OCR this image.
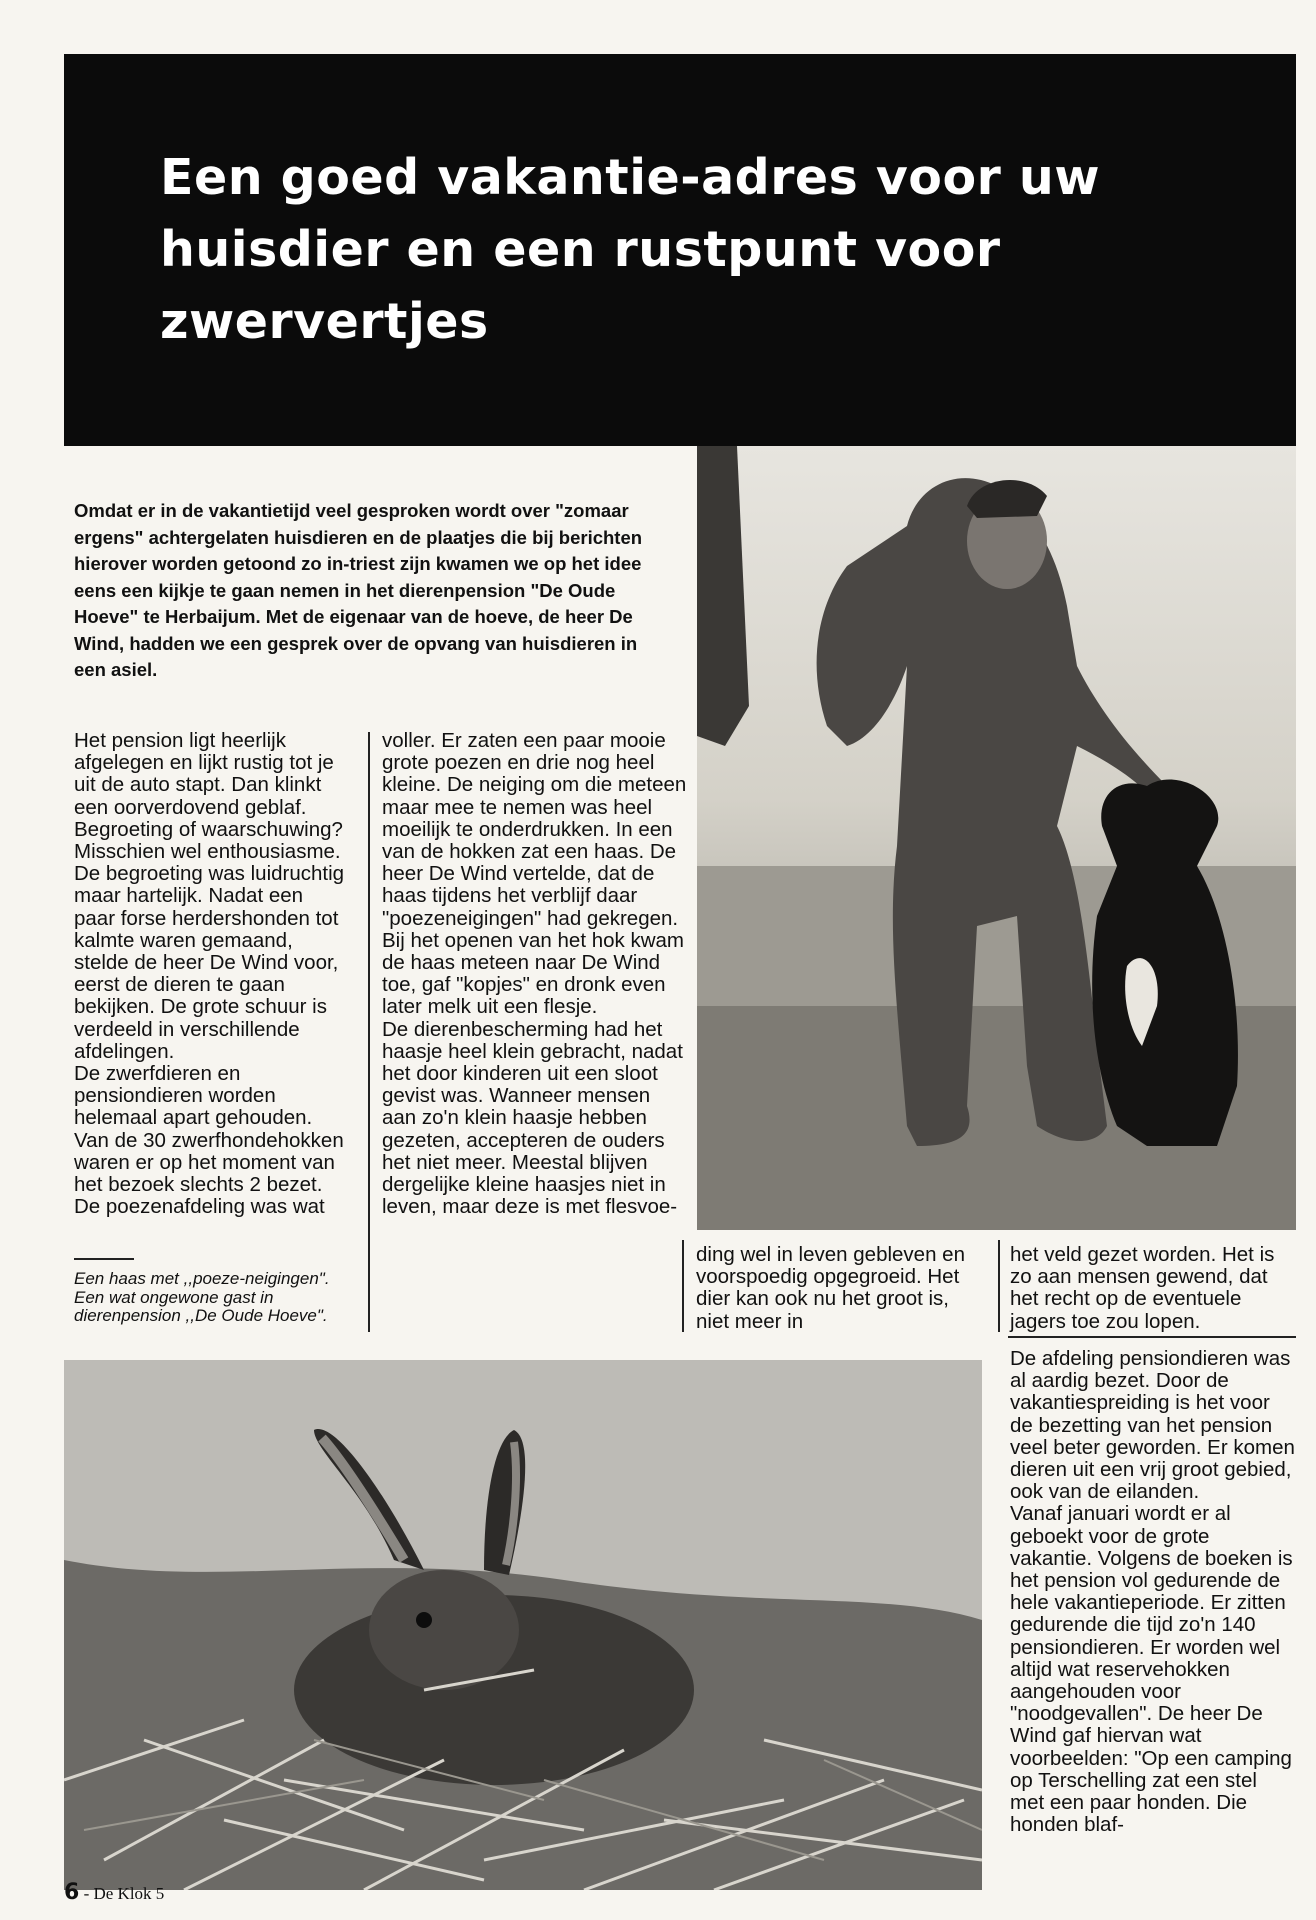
Een goed vakantie-adres voor uw huisdier en een rustpunt voor zwervertjes

Omdat er in de vakantietijd veel gesproken wordt over "zomaar ergens" achtergelaten huisdieren en de plaatjes die bij berichten hierover worden getoond zo in-triest zijn kwamen we op het idee eens een kijkje te gaan nemen in het dierenpension "De Oude Hoeve" te Herbaijum. Met de eigenaar van de hoeve, de heer De Wind, hadden we een gesprek over de opvang van huisdieren in een asiel.

Het pension ligt heerlijk afgelegen en lijkt rustig tot je uit de auto stapt. Dan klinkt een oorverdovend geblaf. Begroeting of waarschuwing? Misschien wel enthousiasme.

De begroeting was luidruchtig maar hartelijk. Nadat een paar forse herdershonden tot kalmte waren gemaand, stelde de heer De Wind voor, eerst de dieren te gaan bekijken. De grote schuur is verdeeld in verschillende afdelingen.

De zwerfdieren en pensiondieren worden helemaal apart gehouden. Van de 30 zwerfhondehokken waren er op het moment van het bezoek slechts 2 bezet.

De poezenafdeling was wat

Een haas met ,,poeze-neigingen". Een wat ongewone gast in dierenpension ,,De Oude Hoeve".

voller. Er zaten een paar mooie grote poezen en drie nog heel kleine. De neiging om die meteen maar mee te nemen was heel moeilijk te onderdrukken. In een van de hokken zat een haas. De heer De Wind vertelde, dat de haas tijdens het verblijf daar "poezeneigingen" had gekregen. Bij het openen van het hok kwam de haas meteen naar De Wind toe, gaf "kopjes" en dronk even later melk uit een flesje.

De dierenbescherming had het haasje heel klein gebracht, nadat het door kinderen uit een sloot gevist was. Wanneer mensen aan zo'n klein haasje hebben gezeten, accepteren de ouders het niet meer. Meestal blijven dergelijke kleine haasjes niet in leven, maar deze is met flesvoe-

ding wel in leven gebleven en voorspoedig opgegroeid. Het dier kan ook nu het groot is, niet meer in

het veld gezet worden. Het is zo aan mensen gewend, dat het recht op de eventuele jagers toe zou lopen.

De afdeling pensiondieren was al aardig bezet. Door de vakantiespreiding is het voor de bezetting van het pension veel beter geworden. Er komen dieren uit een vrij groot gebied, ook van de eilanden.

Vanaf januari wordt er al geboekt voor de grote vakantie. Volgens de boeken is het pension vol gedurende de hele vakantieperiode. Er zitten gedurende die tijd zo'n 140 pensiondieren. Er worden wel altijd wat reservehokken aangehouden voor "noodgevallen". De heer De Wind gaf hiervan wat voorbeelden: "Op een camping op Terschelling zat een stel met een paar honden. Die honden blaf-

6 - De Klok 5
